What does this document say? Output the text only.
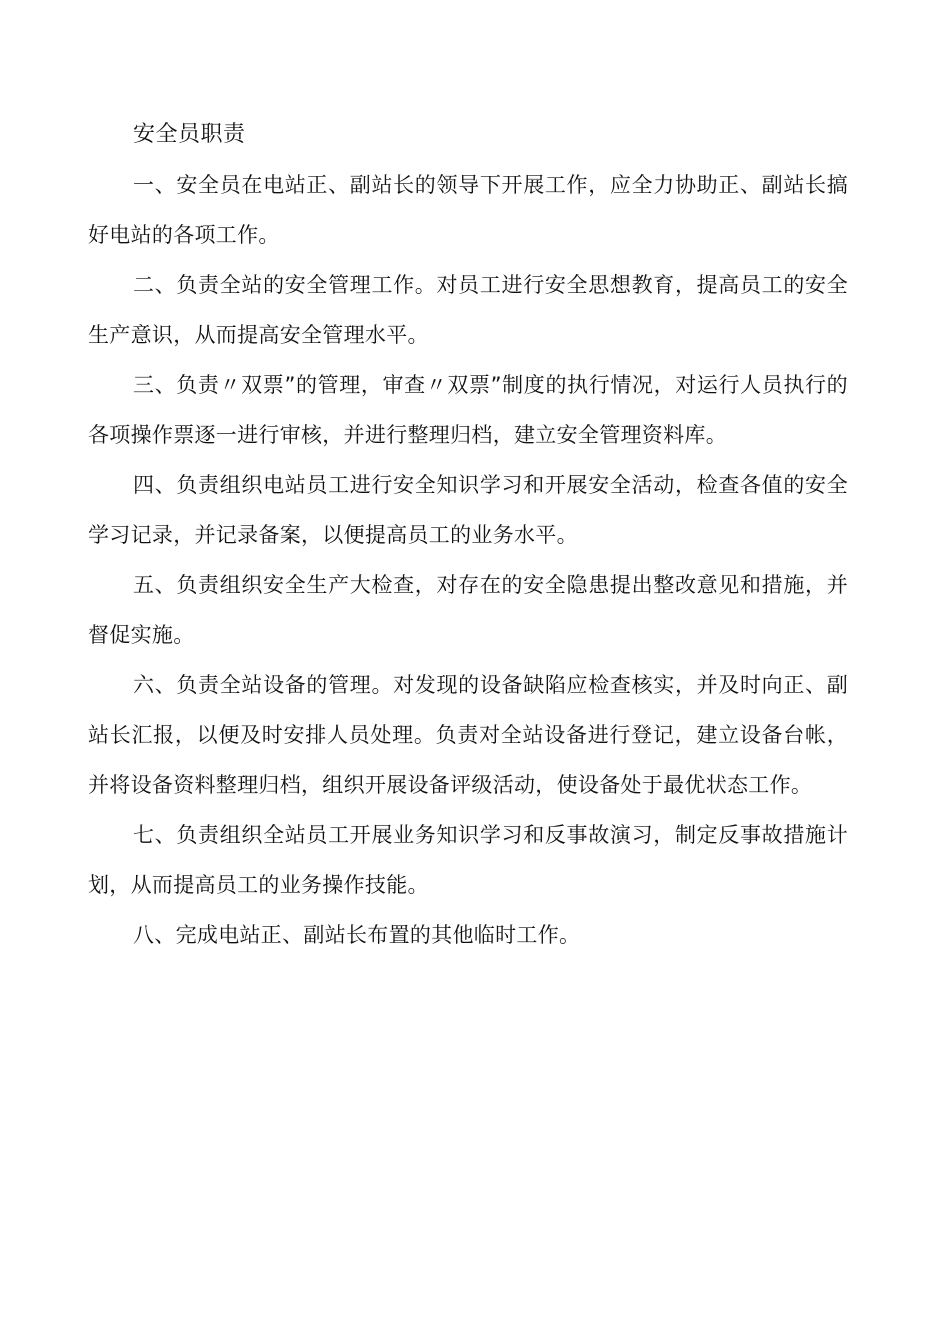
安全员职责

一、安全员在电站正、副站长的领导下开展工作，应全力协助正、副站长搞好电站的各项工作。

二、负责全站的安全管理工作。对员工进行安全思想教育，提高员工的安全生产意识，从而提高安全管理水平。

三、负责〃双票”的管理，审查〃双票”制度的执行情况，对运行人员执行的各项操作票逐一进行审核，并进行整理归档，建立安全管理资料库。

四、负责组织电站员工进行安全知识学习和开展安全活动，检查各值的安全学习记录，并记录备案，以便提高员工的业务水平。

五、负责组织安全生产大检查，对存在的安全隐患提出整改意见和措施，并督促实施。

六、负责全站设备的管理。对发现的设备缺陷应检查核实，并及时向正、副站长汇报，以便及时安排人员处理。负责对全站设备进行登记，建立设备台帐，并将设备资料整理归档，组织开展设备评级活动，使设备处于最优状态工作。

七、负责组织全站员工开展业务知识学习和反事故演习，制定反事故措施计划，从而提高员工的业务操作技能。

八、完成电站正、副站长布置的其他临时工作。
